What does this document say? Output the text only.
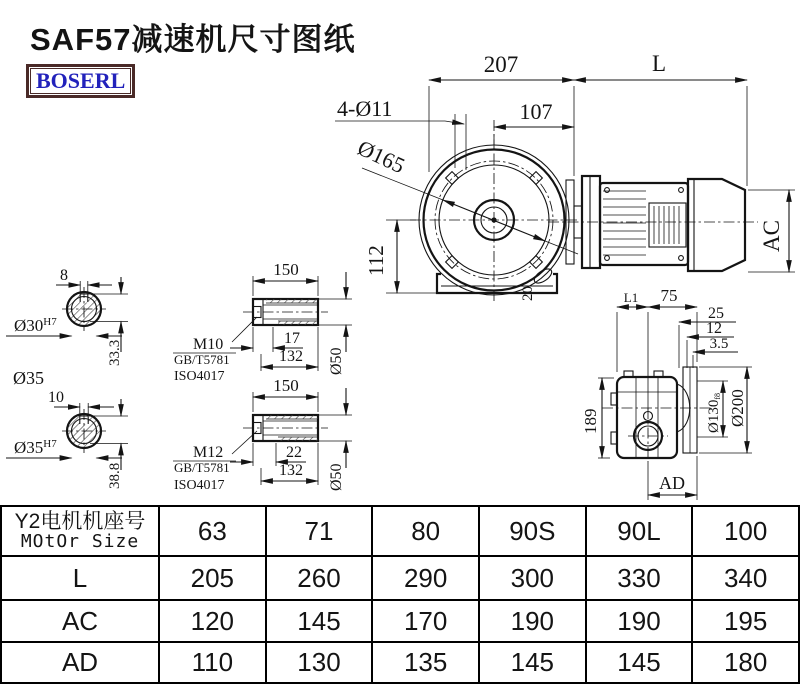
SAF57减速机尺寸图纸
BOSERL
20
207	L
107
4-Ø11
Ø165
112
AC
L1 75
25
12
3.5
189	Ø130f8 Ø200
AD
8
$Ø30^{H7}$
33.3
Ø35
10
$Ø35^{H7}$
38.8
150
17
132 Ø50
M10
GB/T5781
ISO4017	150
22
132 Ø50
M12
GB/T5781
ISO4017
Y2电机机座号
MOtOr Size	63	71	80	90S	90L	100
L	205	260	290	300	330	340
AC	120	145	170	190	190	195
AD	110	130	135	145	145	180
